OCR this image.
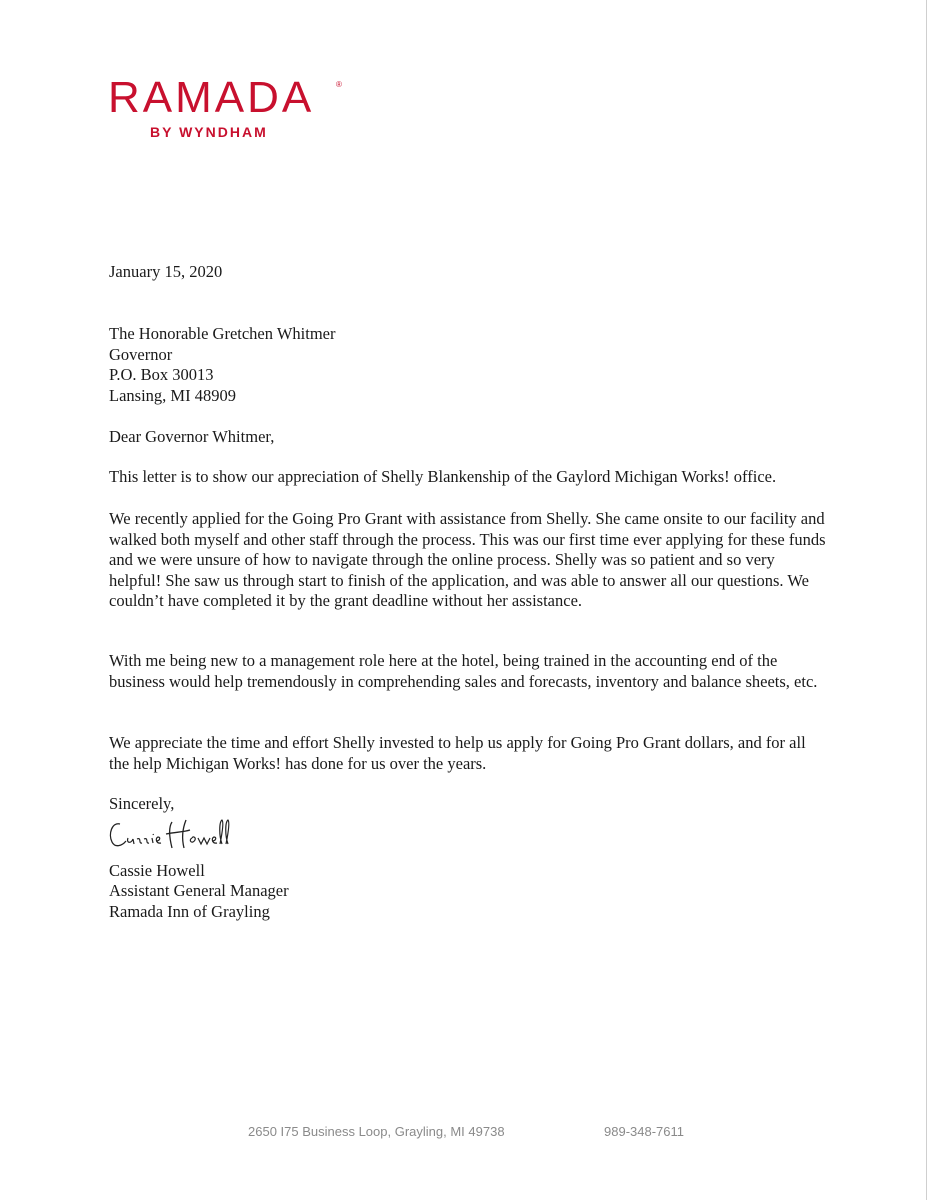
RAMADA	®
BY WYNDHAM
January 15, 2020
The Honorable Gretchen Whitmer
Governor
P.O. Box 30013
Lansing, MI 48909
Dear Governor Whitmer,
This letter is to show our appreciation of Shelly Blankenship of the Gaylord Michigan Works! office.
We recently applied for the Going Pro Grant with assistance from Shelly. She came onsite to our facility and walked both myself and other staff through the process. This was our first time ever applying for these funds and we were unsure of how to navigate through the online process. Shelly was so patient and so very helpful! She saw us through start to finish of the application, and was able to answer all our questions. We couldn’t have completed it by the grant deadline without her assistance.
With me being new to a management role here at the hotel, being trained in the accounting end of the business would help tremendously in comprehending sales and forecasts, inventory and balance sheets, etc.
We appreciate the time and effort Shelly invested to help us apply for Going Pro Grant dollars, and for all the help Michigan Works! has done for us over the years.
Sincerely,
Cassie Howell
Assistant General Manager
Ramada Inn of Grayling
2650 I75 Business Loop, Grayling, MI 49738	989-348-7611
